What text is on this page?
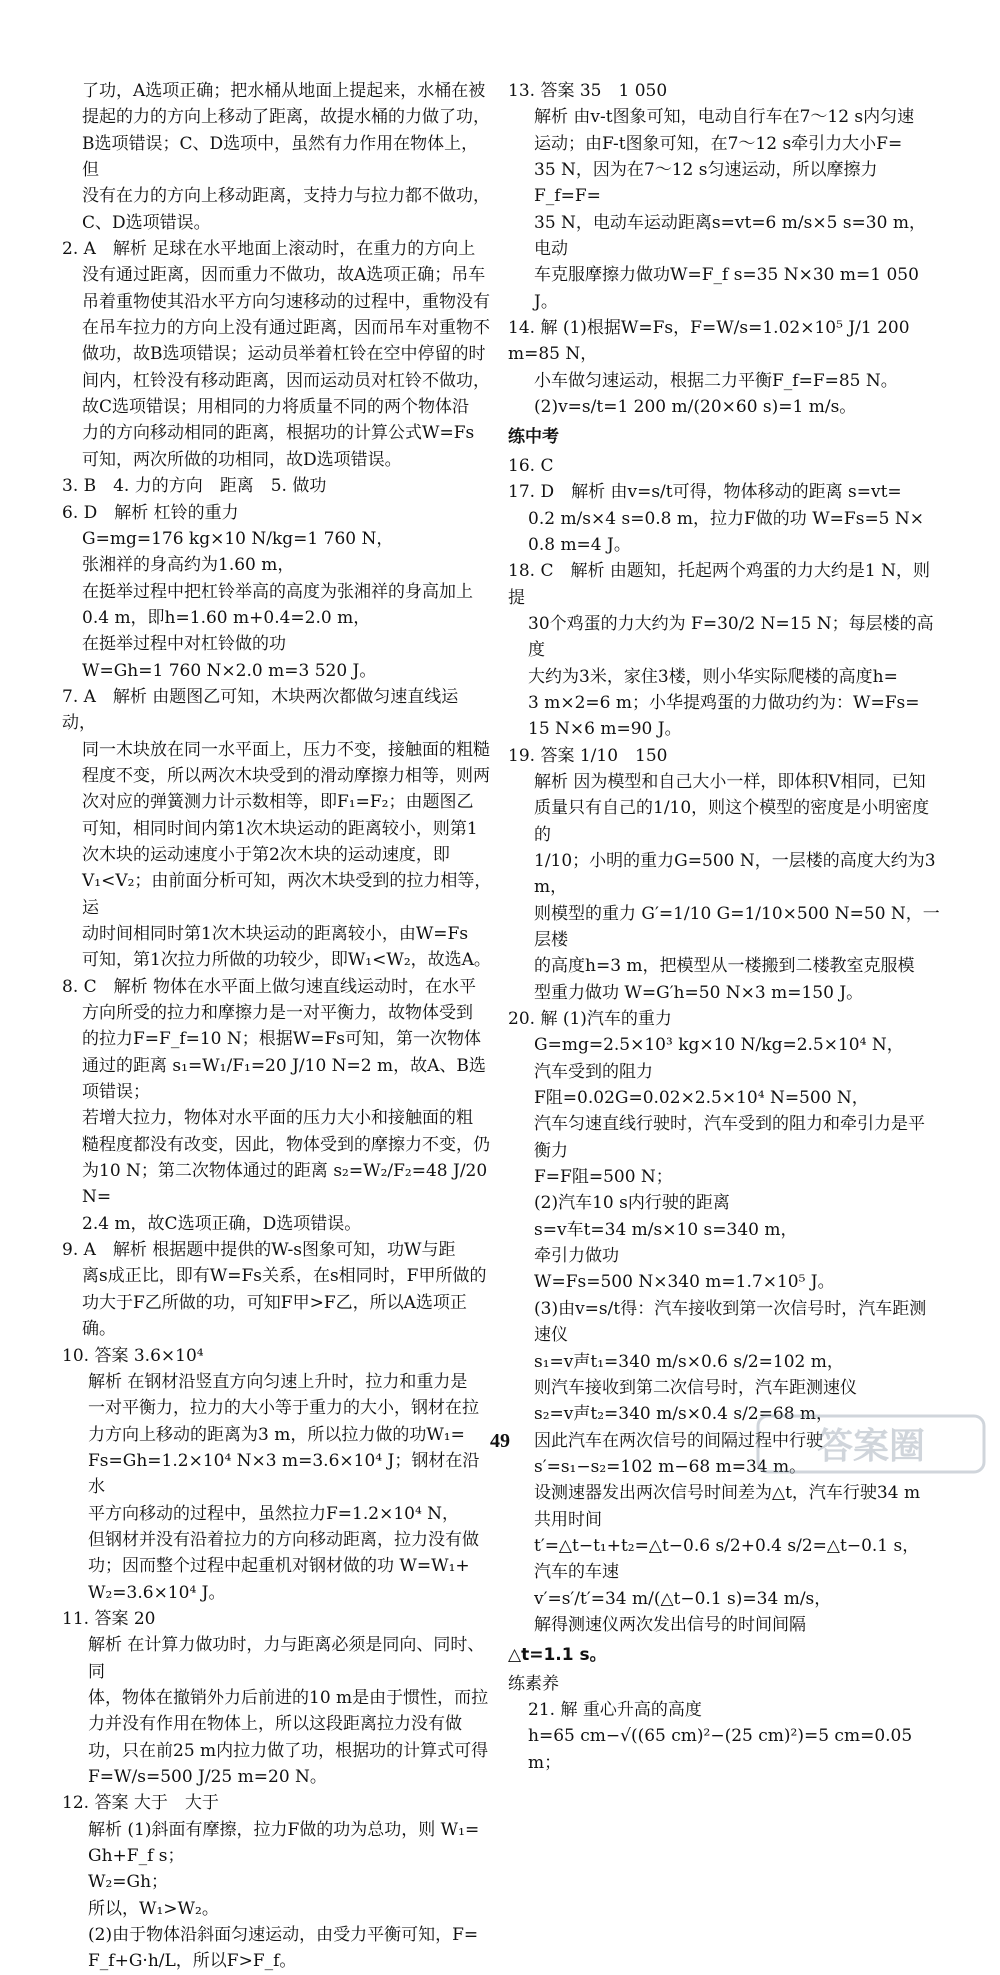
了功，A选项正确；把水桶从地面上提起来，水桶在被

提起的力的方向上移动了距离，故提水桶的力做了功，

B选项错误；C、D选项中，虽然有力作用在物体上，但

没有在力的方向上移动距离，支持力与拉力都不做功，

C、D选项错误。

2. A　解析 足球在水平地面上滚动时，在重力的方向上

没有通过距离，因而重力不做功，故A选项正确；吊车

吊着重物使其沿水平方向匀速移动的过程中，重物没有

在吊车拉力的方向上没有通过距离，因而吊车对重物不

做功，故B选项错误；运动员举着杠铃在空中停留的时

间内，杠铃没有移动距离，因而运动员对杠铃不做功，

故C选项错误；用相同的力将质量不同的两个物体沿

力的方向移动相同的距离，根据功的计算公式W=Fs

可知，两次所做的功相同，故D选项错误。

3. B　4. 力的方向　距离　5. 做功

6. D　解析 杠铃的重力

G=mg=176 kg×10 N/kg=1 760 N，

张湘祥的身高约为1.60 m，

在挺举过程中把杠铃举高的高度为张湘祥的身高加上

0.4 m，即h=1.60 m+0.4=2.0 m，

在挺举过程中对杠铃做的功

W=Gh=1 760 N×2.0 m=3 520 J。

7. A　解析 由题图乙可知，木块两次都做匀速直线运动，

同一木块放在同一水平面上，压力不变，接触面的粗糙

程度不变，所以两次木块受到的滑动摩擦力相等，则两

次对应的弹簧测力计示数相等，即F₁=F₂；由题图乙

可知，相同时间内第1次木块运动的距离较小，则第1

次木块的运动速度小于第2次木块的运动速度，即

V₁<V₂；由前面分析可知，两次木块受到的拉力相等，运

动时间相同时第1次木块运动的距离较小，由W=Fs

可知，第1次拉力所做的功较少，即W₁<W₂，故选A。

8. C　解析 物体在水平面上做匀速直线运动时，在水平

方向所受的拉力和摩擦力是一对平衡力，故物体受到

的拉力F=F_f=10 N；根据W=Fs可知，第一次物体

通过的距离 s₁=W₁/F₁=20 J/10 N=2 m，故A、B选项错误；

若增大拉力，物体对水平面的压力大小和接触面的粗

糙程度都没有改变，因此，物体受到的摩擦力不变，仍

为10 N；第二次物体通过的距离 s₂=W₂/F₂=48 J/20 N=

2.4 m，故C选项正确，D选项错误。

9. A　解析 根据题中提供的W-s图象可知，功W与距

离s成正比，即有W=Fs关系，在s相同时，F甲所做的

功大于F乙所做的功，可知F甲>F乙，所以A选项正确。

10. 答案 3.6×10⁴

解析 在钢材沿竖直方向匀速上升时，拉力和重力是

一对平衡力，拉力的大小等于重力的大小，钢材在拉

力方向上移动的距离为3 m，所以拉力做的功W₁=

Fs=Gh=1.2×10⁴ N×3 m=3.6×10⁴ J；钢材在沿水

平方向移动的过程中，虽然拉力F=1.2×10⁴ N，

但钢材并没有沿着拉力的方向移动距离，拉力没有做

功；因而整个过程中起重机对钢材做的功 W=W₁+

W₂=3.6×10⁴ J。

11. 答案 20

解析 在计算力做功时，力与距离必须是同向、同时、同

体，物体在撤销外力后前进的10 m是由于惯性，而拉

力并没有作用在物体上，所以这段距离拉力没有做

功，只在前25 m内拉力做了功，根据功的计算式可得

F=W/s=500 J/25 m=20 N。

12. 答案 大于　大于

解析 (1)斜面有摩擦，拉力F做的功为总功，则 W₁=

Gh+F_f s；

W₂=Gh；

所以，W₁>W₂。

(2)由于物体沿斜面匀速运动，由受力平衡可知，F=

F_f+G·h/L，所以F>F_f。

13. 答案 35　1 050

解析 由v-t图象可知，电动自行车在7～12 s内匀速

运动；由F-t图象可知，在7～12 s牵引力大小F=

35 N，因为在7～12 s匀速运动，所以摩擦力F_f=F=

35 N，电动车运动距离s=vt=6 m/s×5 s=30 m，电动

车克服摩擦力做功W=F_f s=35 N×30 m=1 050 J。

14. 解 (1)根据W=Fs，F=W/s=1.02×10⁵ J/1 200 m=85 N，

小车做匀速运动，根据二力平衡F_f=F=85 N。

(2)v=s/t=1 200 m/(20×60 s)=1 m/s。

练中考

16. C

17. D　解析 由v=s/t可得，物体移动的距离 s=vt=

0.2 m/s×4 s=0.8 m，拉力F做的功 W=Fs=5 N×

0.8 m=4 J。

18. C　解析 由题知，托起两个鸡蛋的力大约是1 N，则提

30个鸡蛋的力大约为 F=30/2 N=15 N；每层楼的高度

大约为3米，家住3楼，则小华实际爬楼的高度h=

3 m×2=6 m；小华提鸡蛋的力做功约为：W=Fs=

15 N×6 m=90 J。

19. 答案 1/10　150

解析 因为模型和自己大小一样，即体积V相同，已知

质量只有自己的1/10，则这个模型的密度是小明密度的

1/10；小明的重力G=500 N，一层楼的高度大约为3 m，

则模型的重力 G′=1/10 G=1/10×500 N=50 N，一层楼

的高度h=3 m，把模型从一楼搬到二楼教室克服模

型重力做功 W=G′h=50 N×3 m=150 J。

20. 解 (1)汽车的重力

G=mg=2.5×10³ kg×10 N/kg=2.5×10⁴ N，

汽车受到的阻力

F阻=0.02G=0.02×2.5×10⁴ N=500 N，

汽车匀速直线行驶时，汽车受到的阻力和牵引力是平

衡力

F=F阻=500 N；

(2)汽车10 s内行驶的距离

s=v车t=34 m/s×10 s=340 m，

牵引力做功

W=Fs=500 N×340 m=1.7×10⁵ J。

(3)由v=s/t得：汽车接收到第一次信号时，汽车距测

速仪

s₁=v声t₁=340 m/s×0.6 s/2=102 m，

则汽车接收到第二次信号时，汽车距测速仪

s₂=v声t₂=340 m/s×0.4 s/2=68 m，

因此汽车在两次信号的间隔过程中行驶

s′=s₁−s₂=102 m−68 m=34 m。

设测速器发出两次信号时间差为△t，汽车行驶34 m

共用时间

t′=△t−t₁+t₂=△t−0.6 s/2+0.4 s/2=△t−0.1 s，

汽车的车速

v′=s′/t′=34 m/(△t−0.1 s)=34 m/s，

解得测速仪两次发出信号的时间间隔

△t=1.1 s。

练素养

21. 解 重心升高的高度

h=65 cm−√((65 cm)²−(25 cm)²)=5 cm=0.05 m；

49	答案圈
